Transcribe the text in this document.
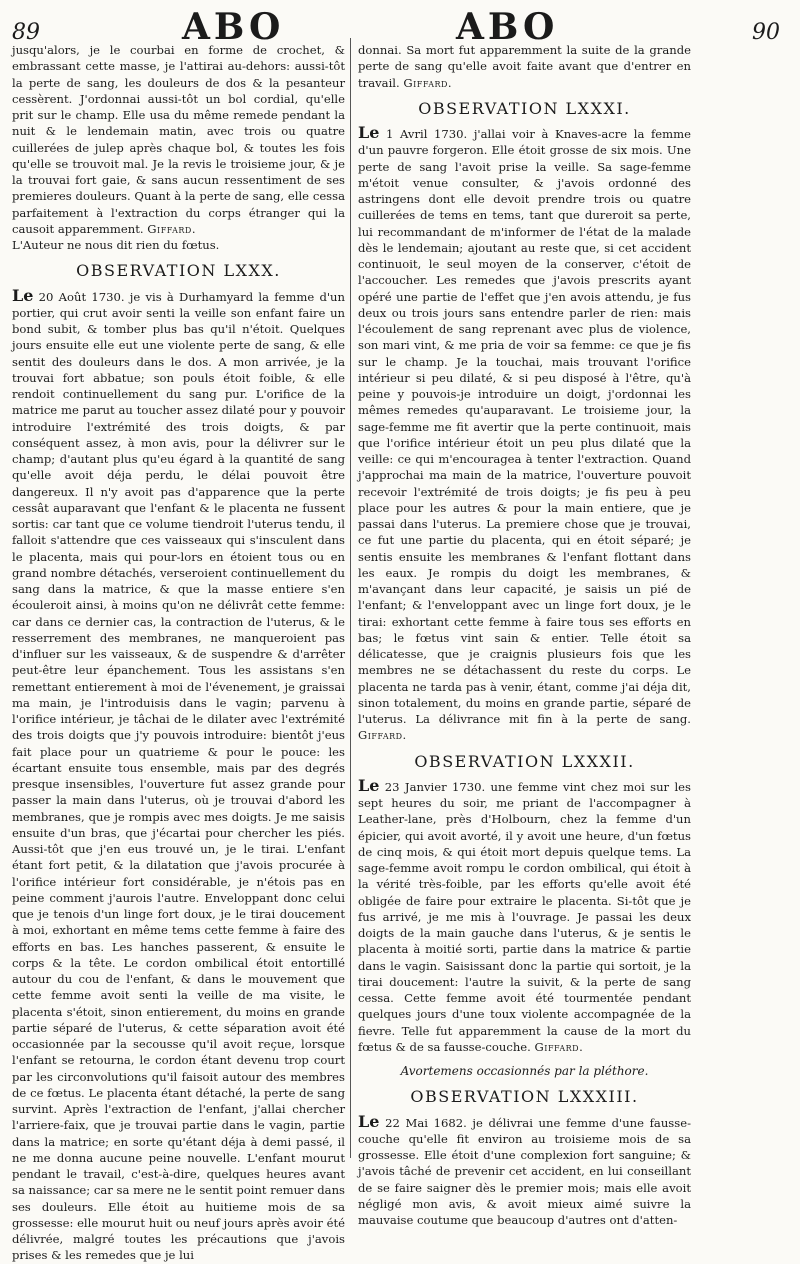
89	ABO	ABO	90

jusqu'alors, je le courbai en forme de crochet, & embrassant cette masse, je l'attirai au-dehors: aussi-tôt la perte de sang, les douleurs de dos & la pesanteur cessèrent. J'ordonnai aussi-tôt un bol cordial, qu'elle prit sur le champ. Elle usa du même remede pendant la nuit & le lendemain matin, avec trois ou quatre cuillerées de julep après chaque bol, & toutes les fois qu'elle se trouvoit mal. Je la revis le troisieme jour, & je la trouvai fort gaie, & sans aucun ressentiment de ses premieres douleurs. Quant à la perte de sang, elle cessa parfaitement à l'extraction du corps étranger qui la causoit apparemment. Giffard.

L'Auteur ne nous dit rien du fœtus.

OBSERVATION LXXX.

Le 20 Août 1730. je vis à Durhamyard la femme d'un portier, qui crut avoir senti la veille son enfant faire un bond subit, & tomber plus bas qu'il n'étoit. Quelques jours ensuite elle eut une violente perte de sang, & elle sentit des douleurs dans le dos. A mon arrivée, je la trouvai fort abbatue; son pouls étoit foible, & elle rendoit continuellement du sang pur. L'orifice de la matrice me parut au toucher assez dilaté pour y pouvoir introduire l'extrémité des trois doigts, & par conséquent assez, à mon avis, pour la délivrer sur le champ; d'autant plus qu'eu égard à la quantité de sang qu'elle avoit déja perdu, le délai pouvoit être dangereux. Il n'y avoit pas d'apparence que la perte cessât auparavant que l'enfant & le placenta ne fussent sortis: car tant que ce volume tiendroit l'uterus tendu, il falloit s'attendre que ces vaisseaux qui s'insculent dans le placenta, mais qui pour-lors en étoient tous ou en grand nombre détachés, verseroient continuellement du sang dans la matrice, & que la masse entiere s'en écouleroit ainsi, à moins qu'on ne délivrât cette femme: car dans ce dernier cas, la contraction de l'uterus, & le resserrement des membranes, ne manqueroient pas d'influer sur les vaisseaux, & de suspendre & d'arrêter peut-être leur épanchement. Tous les assistans s'en remettant entierement à moi de l'évenement, je graissai ma main, je l'introduisis dans le vagin; parvenu à l'orifice intérieur, je tâchai de le dilater avec l'extrémité des trois doigts que j'y pouvois introduire: bientôt j'eus fait place pour un quatrieme & pour le pouce: les écartant ensuite tous ensemble, mais par des degrés presque insensibles, l'ouverture fut assez grande pour passer la main dans l'uterus, où je trouvai d'abord les membranes, que je rompis avec mes doigts. Je me saisis ensuite d'un bras, que j'écartai pour chercher les piés. Aussi-tôt que j'en eus trouvé un, je le tirai. L'enfant étant fort petit, & la dilatation que j'avois procurée à l'orifice intérieur fort considérable, je n'étois pas en peine comment j'aurois l'autre. Enveloppant donc celui que je tenois d'un linge fort doux, je le tirai doucement à moi, exhortant en même tems cette femme à faire des efforts en bas. Les hanches passerent, & ensuite le corps & la tête. Le cordon ombilical étoit entortillé autour du cou de l'enfant, & dans le mouvement que cette femme avoit senti la veille de ma visite, le placenta s'étoit, sinon entierement, du moins en grande partie séparé de l'uterus, & cette séparation avoit été occasionnée par la secousse qu'il avoit reçue, lorsque l'enfant se retourna, le cordon étant devenu trop court par les circonvolutions qu'il faisoit autour des membres de ce fœtus. Le placenta étant détaché, la perte de sang survint. Après l'extraction de l'enfant, j'allai chercher l'arriere-faix, que je trouvai partie dans le vagin, partie dans la matrice; en sorte qu'étant déja à demi passé, il ne me donna aucune peine nouvelle. L'enfant mourut pendant le travail, c'est-à-dire, quelques heures avant sa naissance; car sa mere ne le sentit point remuer dans ses douleurs. Elle étoit au huitieme mois de sa grossesse: elle mourut huit ou neuf jours après avoir été délivrée, malgré toutes les précautions que j'avois prises & les remedes que je lui

donnai. Sa mort fut apparemment la suite de la grande perte de sang qu'elle avoit faite avant que d'entrer en travail. Giffard.

OBSERVATION LXXXI.

Le 1 Avril 1730. j'allai voir à Knaves-acre la femme d'un pauvre forgeron. Elle étoit grosse de six mois. Une perte de sang l'avoit prise la veille. Sa sage-femme m'étoit venue consulter, & j'avois ordonné des astringens dont elle devoit prendre trois ou quatre cuillerées de tems en tems, tant que dureroit sa perte, lui recommandant de m'informer de l'état de la malade dès le lendemain; ajoutant au reste que, si cet accident continuoit, le seul moyen de la conserver, c'étoit de l'accoucher. Les remedes que j'avois prescrits ayant opéré une partie de l'effet que j'en avois attendu, je fus deux ou trois jours sans entendre parler de rien: mais l'écoulement de sang reprenant avec plus de violence, son mari vint, & me pria de voir sa femme: ce que je fis sur le champ. Je la touchai, mais trouvant l'orifice intérieur si peu dilaté, & si peu disposé à l'être, qu'à peine y pouvois-je introduire un doigt, j'ordonnai les mêmes remedes qu'auparavant. Le troisieme jour, la sage-femme me fit avertir que la perte continuoit, mais que l'orifice intérieur étoit un peu plus dilaté que la veille: ce qui m'encouragea à tenter l'extraction. Quand j'approchai ma main de la matrice, l'ouverture pouvoit recevoir l'extrémité de trois doigts; je fis peu à peu place pour les autres & pour la main entiere, que je passai dans l'uterus. La premiere chose que je trouvai, ce fut une partie du placenta, qui en étoit séparé; je sentis ensuite les membranes & l'enfant flottant dans les eaux. Je rompis du doigt les membranes, & m'avançant dans leur capacité, je saisis un pié de l'enfant; & l'enveloppant avec un linge fort doux, je le tirai: exhortant cette femme à faire tous ses efforts en bas; le fœtus vint sain & entier. Telle étoit sa délicatesse, que je craignis plusieurs fois que les membres ne se détachassent du reste du corps. Le placenta ne tarda pas à venir, étant, comme j'ai déja dit, sinon totalement, du moins en grande partie, séparé de l'uterus. La délivrance mit fin à la perte de sang. Giffard.

OBSERVATION LXXXII.

Le 23 Janvier 1730. une femme vint chez moi sur les sept heures du soir, me priant de l'accompagner à Leather-lane, près d'Holbourn, chez la femme d'un épicier, qui avoit avorté, il y avoit une heure, d'un fœtus de cinq mois, & qui étoit mort depuis quelque tems. La sage-femme avoit rompu le cordon ombilical, qui étoit à la vérité très-foible, par les efforts qu'elle avoit été obligée de faire pour extraire le placenta. Si-tôt que je fus arrivé, je me mis à l'ouvrage. Je passai les deux doigts de la main gauche dans l'uterus, & je sentis le placenta à moitié sorti, partie dans la matrice & partie dans le vagin. Saisissant donc la partie qui sortoit, je la tirai doucement: l'autre la suivit, & la perte de sang cessa. Cette femme avoit été tourmentée pendant quelques jours d'une toux violente accompagnée de la fievre. Telle fut apparemment la cause de la mort du fœtus & de sa fausse-couche. Giffard.

Avortemens occasionnés par la pléthore.
OBSERVATION LXXXIII.

Le 22 Mai 1682. je délivrai une femme d'une fausse-couche qu'elle fit environ au troisieme mois de sa grossesse. Elle étoit d'une complexion fort sanguine; & j'avois tâché de prevenir cet accident, en lui conseillant de se faire saigner dès le premier mois; mais elle avoit négligé mon avis, & avoit mieux aimé suivre la mauvaise coutume que beaucoup d'autres ont d'atten-
